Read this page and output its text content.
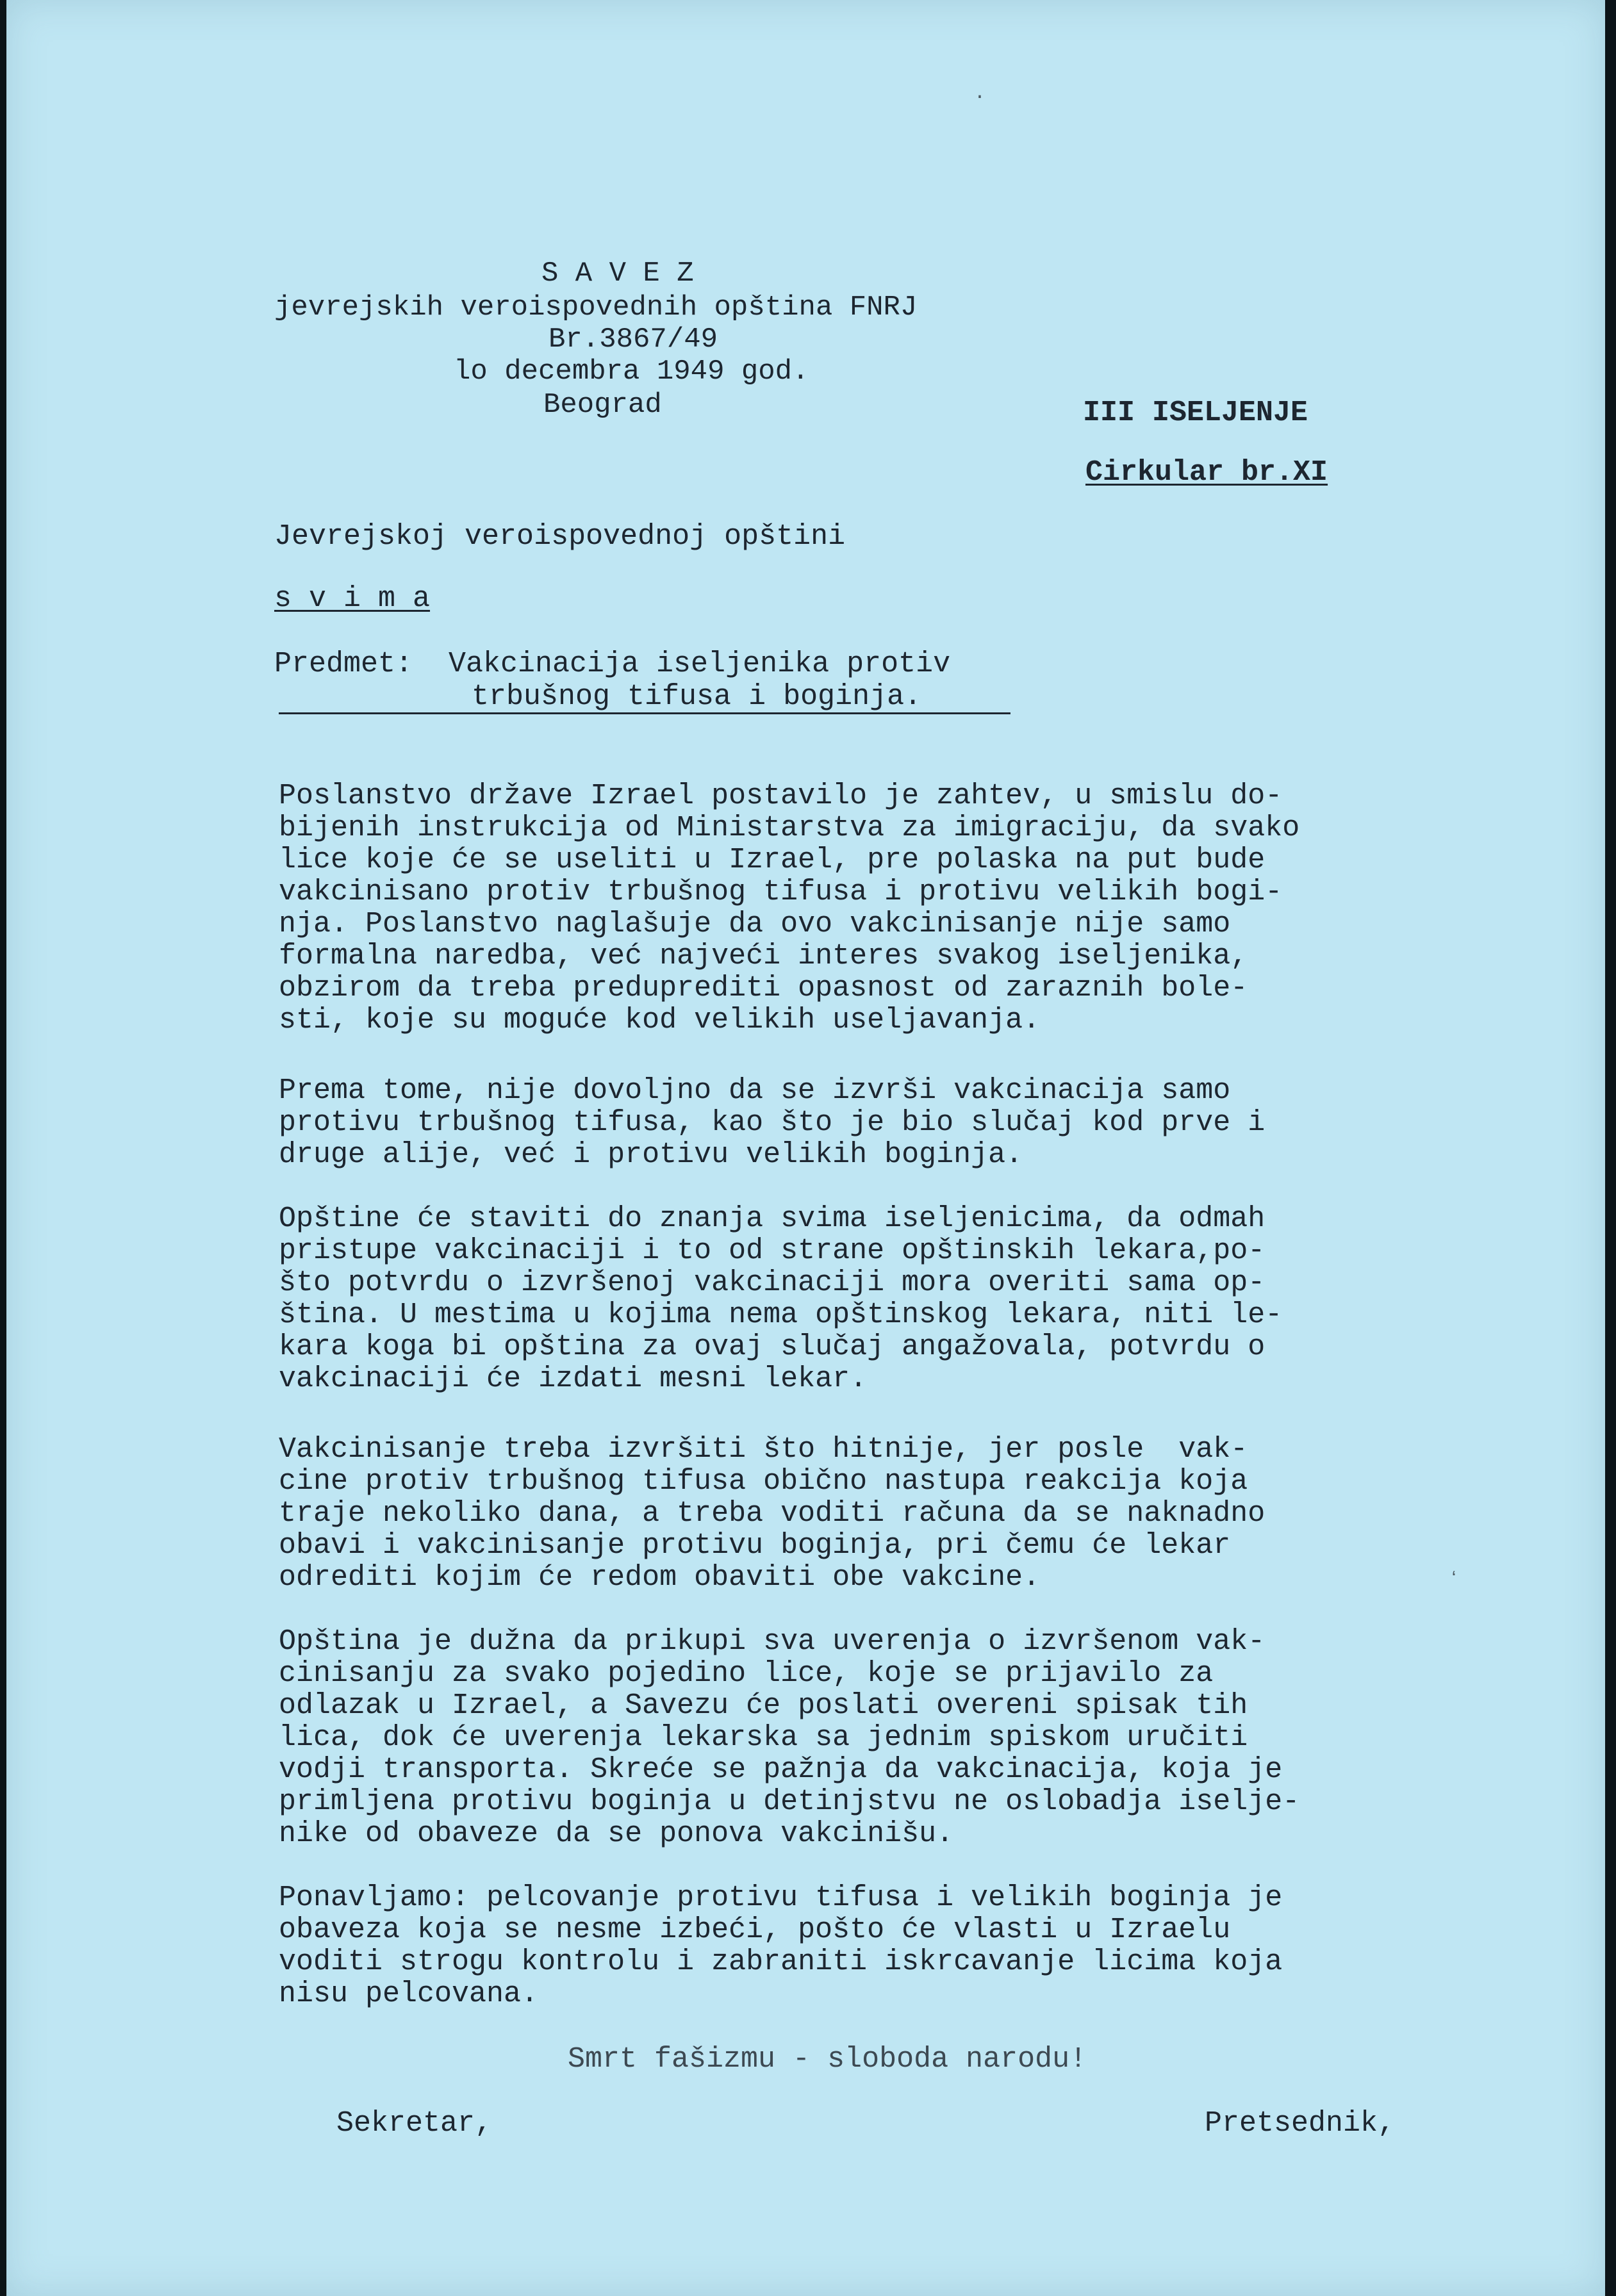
S A V E Z
jevrejskih veroispovednih opština FNRJ
Br.3867/49
lo decembra 1949 god.
Beograd	III ISELJENJE
Cirkular br.XI
Jevrejskoj veroispovednoj opštini
s v i m a
Predmet: Vakcinacija iseljenika protiv
trbušnog tifusa i boginja.
Poslanstvo države Izrael postavilo je zahtev, u smislu do-
bijenih instrukcija od Ministarstva za imigraciju, da svako
lice koje će se useliti u Izrael, pre polaska na put bude
vakcinisano protiv trbušnog tifusa i protivu velikih bogi-
nja. Poslanstvo naglašuje da ovo vakcinisanje nije samo
formalna naredba, već najveći interes svakog iseljenika,
obzirom da treba preduprediti opasnost od zaraznih bole-
sti, koje su moguće kod velikih useljavanja.
Prema tome, nije dovoljno da se izvrši vakcinacija samo
protivu trbušnog tifusa, kao što je bio slučaj kod prve i
druge alije, već i protivu velikih boginja.
Opštine će staviti do znanja svima iseljenicima, da odmah
pristupe vakcinaciji i to od strane opštinskih lekara,po-
što potvrdu o izvršenoj vakcinaciji mora overiti sama op-
ština. U mestima u kojima nema opštinskog lekara, niti le-
kara koga bi opština za ovaj slučaj angažovala, potvrdu o
vakcinaciji će izdati mesni lekar.
Vakcinisanje treba izvršiti što hitnije, jer posle  vak-
cine protiv trbušnog tifusa obično nastupa reakcija koja
traje nekoliko dana, a treba voditi računa da se naknadno
obavi i vakcinisanje protivu boginja, pri čemu će lekar
odrediti kojim će redom obaviti obe vakcine.
Opština je dužna da prikupi sva uverenja o izvršenom vak-
cinisanju za svako pojedino lice, koje se prijavilo za
odlazak u Izrael, a Savezu će poslati overeni spisak tih
lica, dok će uverenja lekarska sa jednim spiskom uručiti
vodji transporta. Skreće se pažnja da vakcinacija, koja je
primljena protivu boginja u detinjstvu ne oslobadja iselje-
nike od obaveze da se ponova vakcinišu.
Ponavljamo: pelcovanje protivu tifusa i velikih boginja je
obaveza koja se nesme izbeći, pošto će vlasti u Izraelu
voditi strogu kontrolu i zabraniti iskrcavanje licima koja
nisu pelcovana.
Smrt fašizmu - sloboda narodu!
Sekretar,	Pretsednik,
ʻ
·
